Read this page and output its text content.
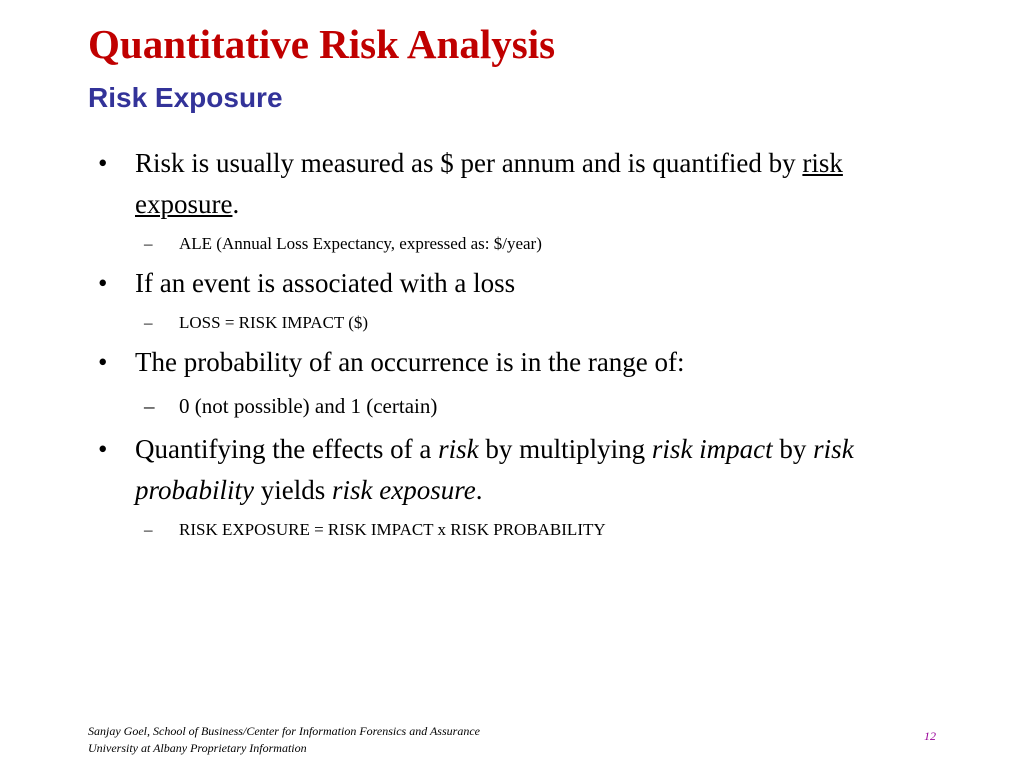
Quantitative Risk Analysis
Risk Exposure
• Risk is usually measured as $ per annum and is quantified by risk exposure.
– ALE (Annual Loss Expectancy, expressed as: $/year)
• If an event is associated with a loss
– LOSS = RISK IMPACT ($)
• The probability of an occurrence is in the range of:
– 0 (not possible) and 1 (certain)
• Quantifying the effects of a risk by multiplying risk impact by risk probability yields risk exposure.
– RISK EXPOSURE = RISK IMPACT x RISK PROBABILITY
Sanjay Goel, School of Business/Center for Information Forensics and Assurance
University at Albany Proprietary Information
12
